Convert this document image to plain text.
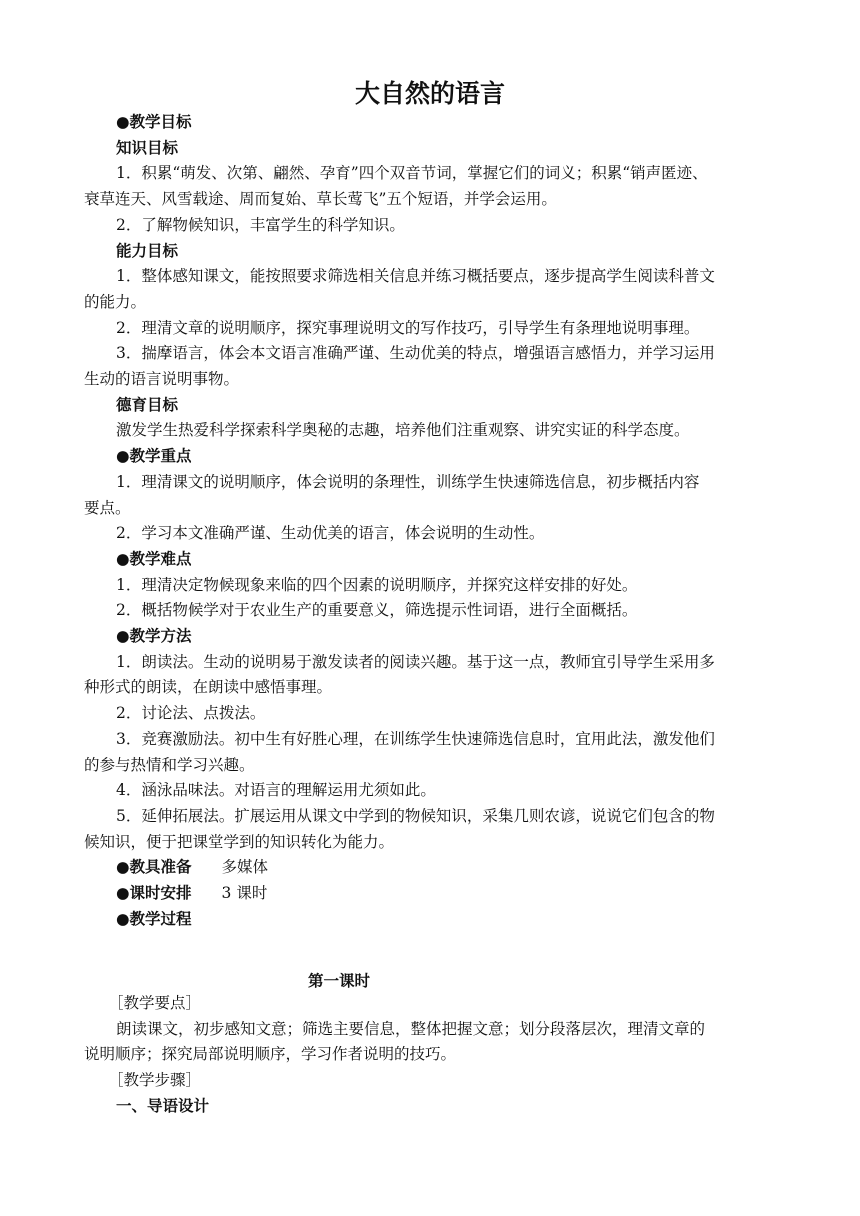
大自然的语言

●教学目标

知识目标

1．积累“萌发、次第、翩然、孕育”四个双音节词，掌握它们的词义；积累“销声匿迹、

衰草连天、风雪载途、周而复始、草长莺飞”五个短语，并学会运用。

2．了解物候知识，丰富学生的科学知识。

能力目标

1．整体感知课文，能按照要求筛选相关信息并练习概括要点，逐步提高学生阅读科普文

的能力。

2．理清文章的说明顺序，探究事理说明文的写作技巧，引导学生有条理地说明事理。

3．揣摩语言，体会本文语言准确严谨、生动优美的特点，增强语言感悟力，并学习运用

生动的语言说明事物。

德育目标

激发学生热爱科学探索科学奥秘的志趣，培养他们注重观察、讲究实证的科学态度。

●教学重点

1．理清课文的说明顺序，体会说明的条理性，训练学生快速筛选信息，初步概括内容

要点。

2．学习本文准确严谨、生动优美的语言，体会说明的生动性。

●教学难点

1．理清决定物候现象来临的四个因素的说明顺序，并探究这样安排的好处。

2．概括物候学对于农业生产的重要意义，筛选提示性词语，进行全面概括。

●教学方法

1．朗读法。生动的说明易于激发读者的阅读兴趣。基于这一点，教师宜引导学生采用多

种形式的朗读，在朗读中感悟事理。

2．讨论法、点拨法。

3．竞赛激励法。初中生有好胜心理，在训练学生快速筛选信息时，宜用此法，激发他们

的参与热情和学习兴趣。

4．涵泳品味法。对语言的理解运用尤须如此。

5．延伸拓展法。扩展运用从课文中学到的物候知识，采集几则农谚，说说它们包含的物

候知识，便于把课堂学到的知识转化为能力。

●教具准备 多媒体

●课时安排 3 课时

●教学过程

第一课时

［教学要点］

朗读课文，初步感知文意；筛选主要信息，整体把握文意；划分段落层次，理清文章的

说明顺序；探究局部说明顺序，学习作者说明的技巧。

［教学步骤］

一、导语设计
